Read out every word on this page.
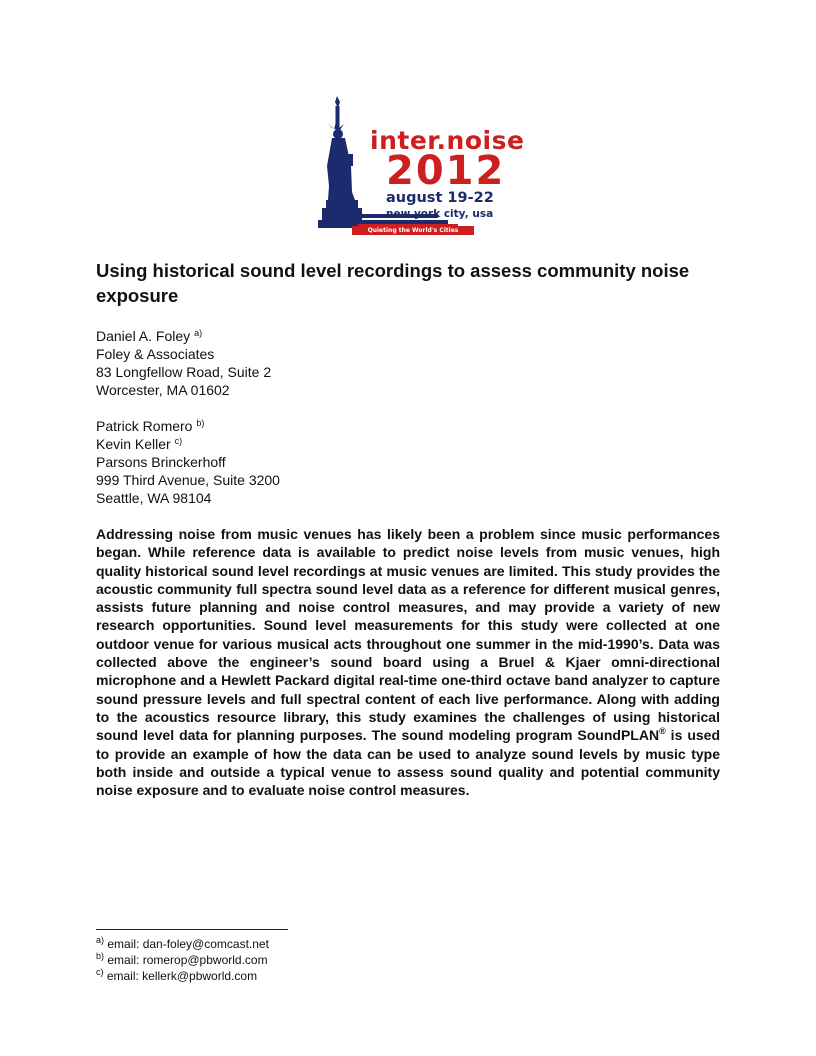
inter.noise
2012
august 19-22
new york city, usa
Quieting the World's Cities
Using historical sound level recordings to assess community noise exposure
Daniel A. Foley $^{a)}$
Foley & Associates
83 Longfellow Road, Suite 2
Worcester, MA 01602
Patrick Romero $^{b)}$
Kevin Keller $^{c)}$
Parsons Brinckerhoff
999 Third Avenue, Suite 3200
Seattle, WA 98104
Addressing noise from music venues has likely been a problem since music performances began. While reference data is available to predict noise levels from music venues, high quality historical sound level recordings at music venues are limited. This study provides the acoustic community full spectra sound level data as a reference for different musical genres, assists future planning and noise control measures, and may provide a variety of new research opportunities. Sound level measurements for this study were collected at one outdoor venue for various musical acts throughout one summer in the mid-1990’s. Data was collected above the engineer’s sound board using a Bruel & Kjaer omni-directional microphone and a Hewlett Packard digital real-time one-third octave band analyzer to capture sound pressure levels and full spectral content of each live performance. Along with adding to the acoustics resource library, this study examines the challenges of using historical sound level data for planning purposes. The sound modeling program SoundPLAN® is used to provide an example of how the data can be used to analyze sound levels by music type both inside and outside a typical venue to assess sound quality and potential community noise exposure and to evaluate noise control measures.
$^{a)}$ email: dan-foley@comcast.net
$^{b)}$ email: romerop@pbworld.com
$^{c)}$ email: kellerk@pbworld.com
